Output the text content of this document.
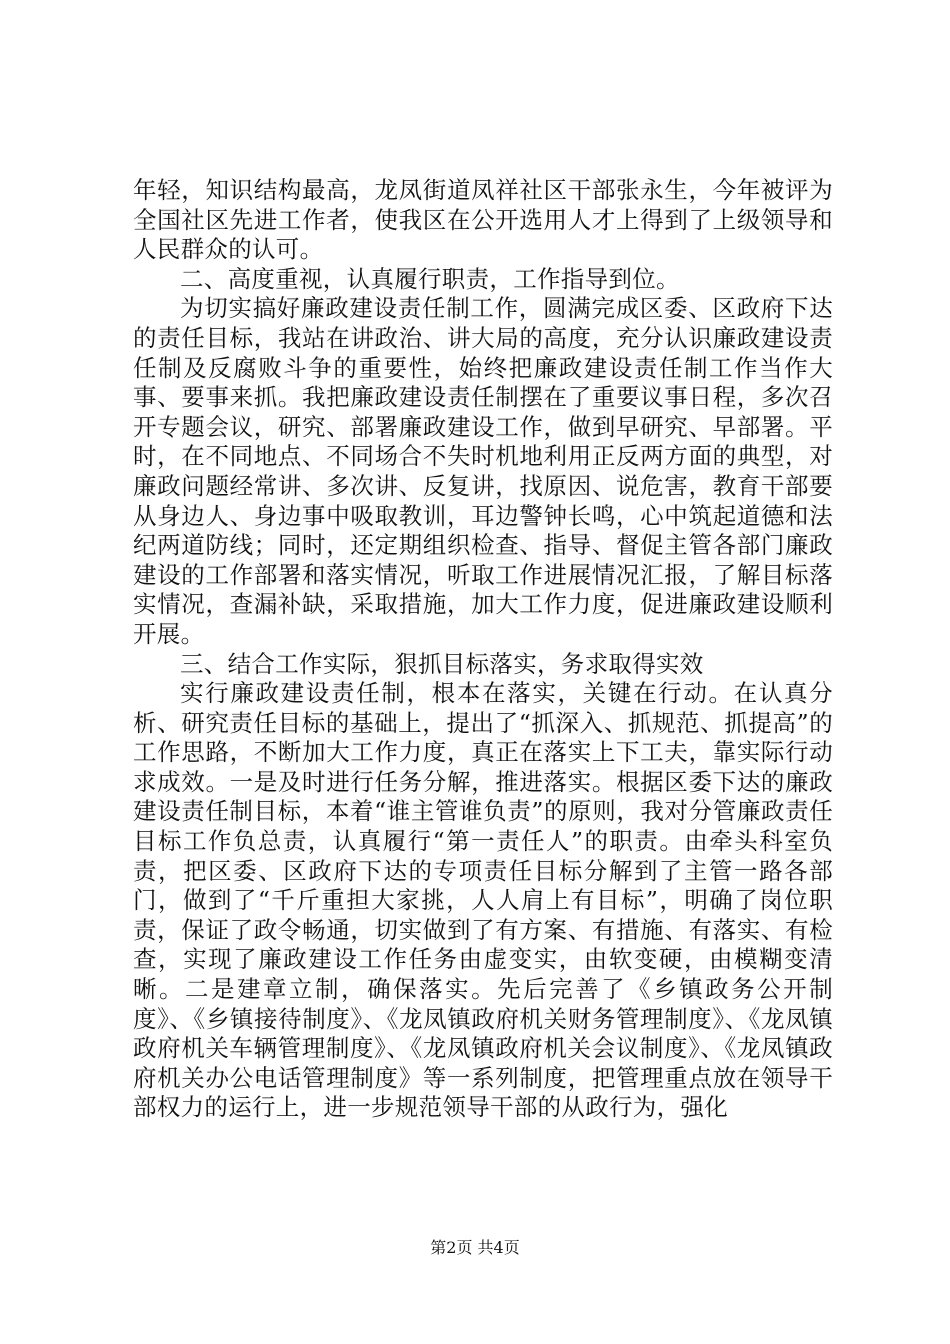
年轻，知识结构最高，龙凤街道凤祥社区干部张永生，今年被评为全国社区先进工作者，使我区在公开选用人才上得到了上级领导和人民群众的认可。

二、高度重视，认真履行职责，工作指导到位。

为切实搞好廉政建设责任制工作，圆满完成区委、区政府下达的责任目标，我站在讲政治、讲大局的高度，充分认识廉政建设责任制及反腐败斗争的重要性，始终把廉政建设责任制工作当作大事、要事来抓。我把廉政建设责任制摆在了重要议事日程，多次召开专题会议，研究、部署廉政建设工作，做到早研究、早部署。平时，在不同地点、不同场合不失时机地利用正反两方面的典型，对廉政问题经常讲、多次讲、反复讲，找原因、说危害，教育干部要从身边人、身边事中吸取教训，耳边警钟长鸣，心中筑起道德和法纪两道防线；同时，还定期组织检查、指导、督促主管各部门廉政建设的工作部署和落实情况，听取工作进展情况汇报，了解目标落实情况，查漏补缺，采取措施，加大工作力度，促进廉政建设顺利开展。

三、结合工作实际，狠抓目标落实，务求取得实效

实行廉政建设责任制，根本在落实，关键在行动。在认真分析、研究责任目标的基础上，提出了“抓深入、抓规范、抓提高”的工作思路，不断加大工作力度，真正在落实上下工夫，靠实际行动求成效。一是及时进行任务分解，推进落实。根据区委下达的廉政建设责任制目标，本着“谁主管谁负责”的原则，我对分管廉政责任目标工作负总责，认真履行“第一责任人”的职责。由牵头科室负责，把区委、区政府下达的专项责任目标分解到了主管一路各部门，做到了“千斤重担大家挑，人人肩上有目标”，明确了岗位职责，保证了政令畅通，切实做到了有方案、有措施、有落实、有检查，实现了廉政建设工作任务由虚变实，由软变硬，由模糊变清晰。二是建章立制，确保落实。先后完善了《乡镇政务公开制度》、《乡镇接待制度》、《龙凤镇政府机关财务管理制度》、《龙凤镇政府机关车辆管理制度》、《龙凤镇政府机关会议制度》、《龙凤镇政府机关办公电话管理制度》等一系列制度，把管理重点放在领导干部权力的运行上，进一步规范领导干部的从政行为，强化

第2页 共4页
